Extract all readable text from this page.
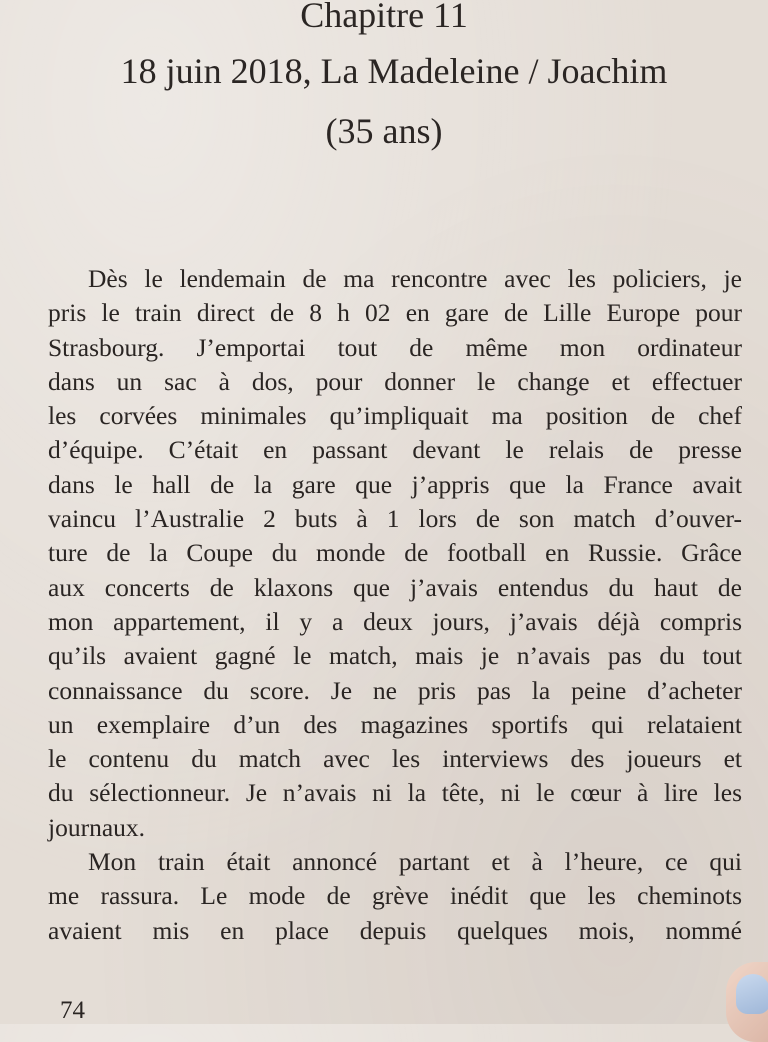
Chapitre 11
18 juin 2018, La Madeleine / Joachim
(35 ans)
Dès le lendemain de ma rencontre avec les policiers, je
pris le train direct de 8 h 02 en gare de Lille Europe pour
Strasbourg. J’emportai tout de même mon ordinateur
dans un sac à dos, pour donner le change et effectuer
les corvées minimales qu’impliquait ma position de chef
d’équipe. C’était en passant devant le relais de presse
dans le hall de la gare que j’appris que la France avait
vaincu l’Australie 2 buts à 1 lors de son match d’ouver-
ture de la Coupe du monde de football en Russie. Grâce
aux concerts de klaxons que j’avais entendus du haut de
mon appartement, il y a deux jours, j’avais déjà compris
qu’ils avaient gagné le match, mais je n’avais pas du tout
connaissance du score. Je ne pris pas la peine d’acheter
un exemplaire d’un des magazines sportifs qui relataient
le contenu du match avec les interviews des joueurs et
du sélectionneur. Je n’avais ni la tête, ni le cœur à lire les
journaux.
Mon train était annoncé partant et à l’heure, ce qui
me rassura. Le mode de grève inédit que les cheminots
avaient mis en place depuis quelques mois, nommé
74
